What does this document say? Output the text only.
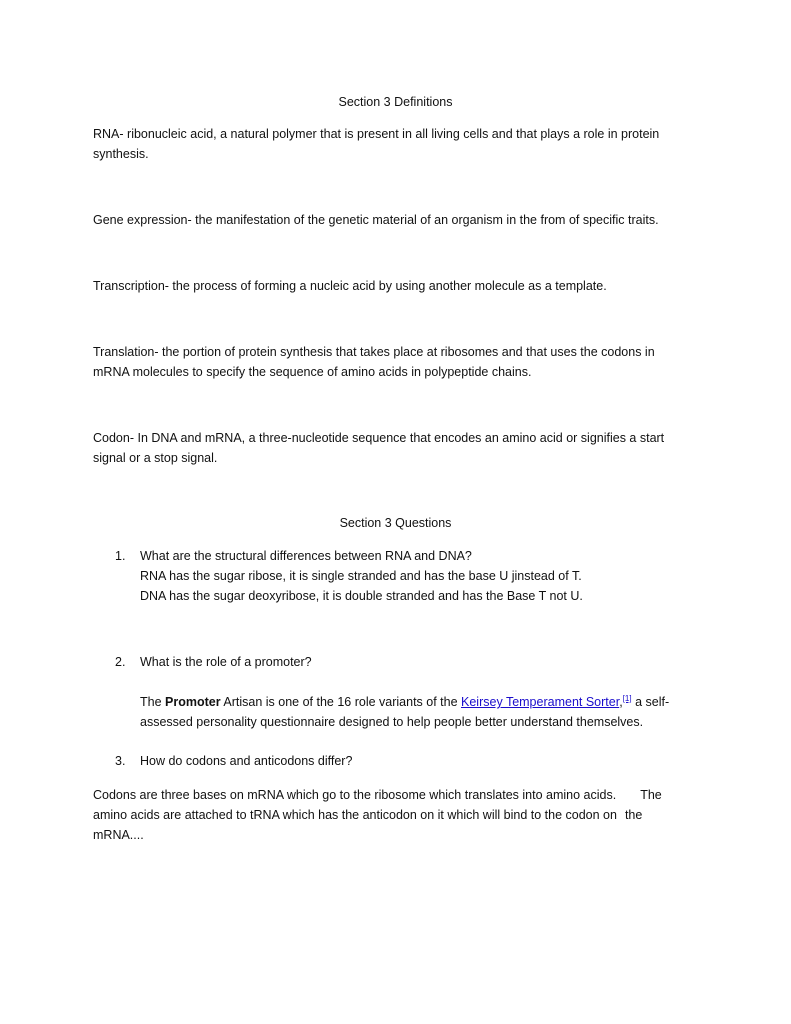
Section 3 Definitions
RNA- ribonucleic acid, a natural polymer that is present in all living cells and that plays a role in protein
synthesis.
Gene expression- the manifestation of the genetic material of an organism in the from of specific traits.
Transcription- the process of forming a nucleic acid by using another molecule as a template.
Translation- the portion of protein synthesis that takes place at ribosomes and that uses the codons in
mRNA molecules to specify the sequence of amino acids in polypeptide chains.
Codon- In DNA and mRNA, a three-nucleotide sequence that encodes an amino acid or signifies a start
signal or a stop signal.
Section 3 Questions
1. What are the structural differences between RNA and DNA?
RNA has the sugar ribose, it is single stranded and has the base U jinstead of T.
DNA has the sugar deoxyribose, it is double stranded and has the Base T not U.
2. What is the role of a promoter?
The Promoter Artisan is one of the 16 role variants of the Keirsey Temperament Sorter,[1] a self-
assessed personality questionnaire designed to help people better understand themselves.
3. How do codons and anticodons differ?
Codons are three bases on mRNA which go to the ribosome which translates into amino acids. The
amino acids are attached to tRNA which has the anticodon on it which will bind to the codon on the
mRNA....
